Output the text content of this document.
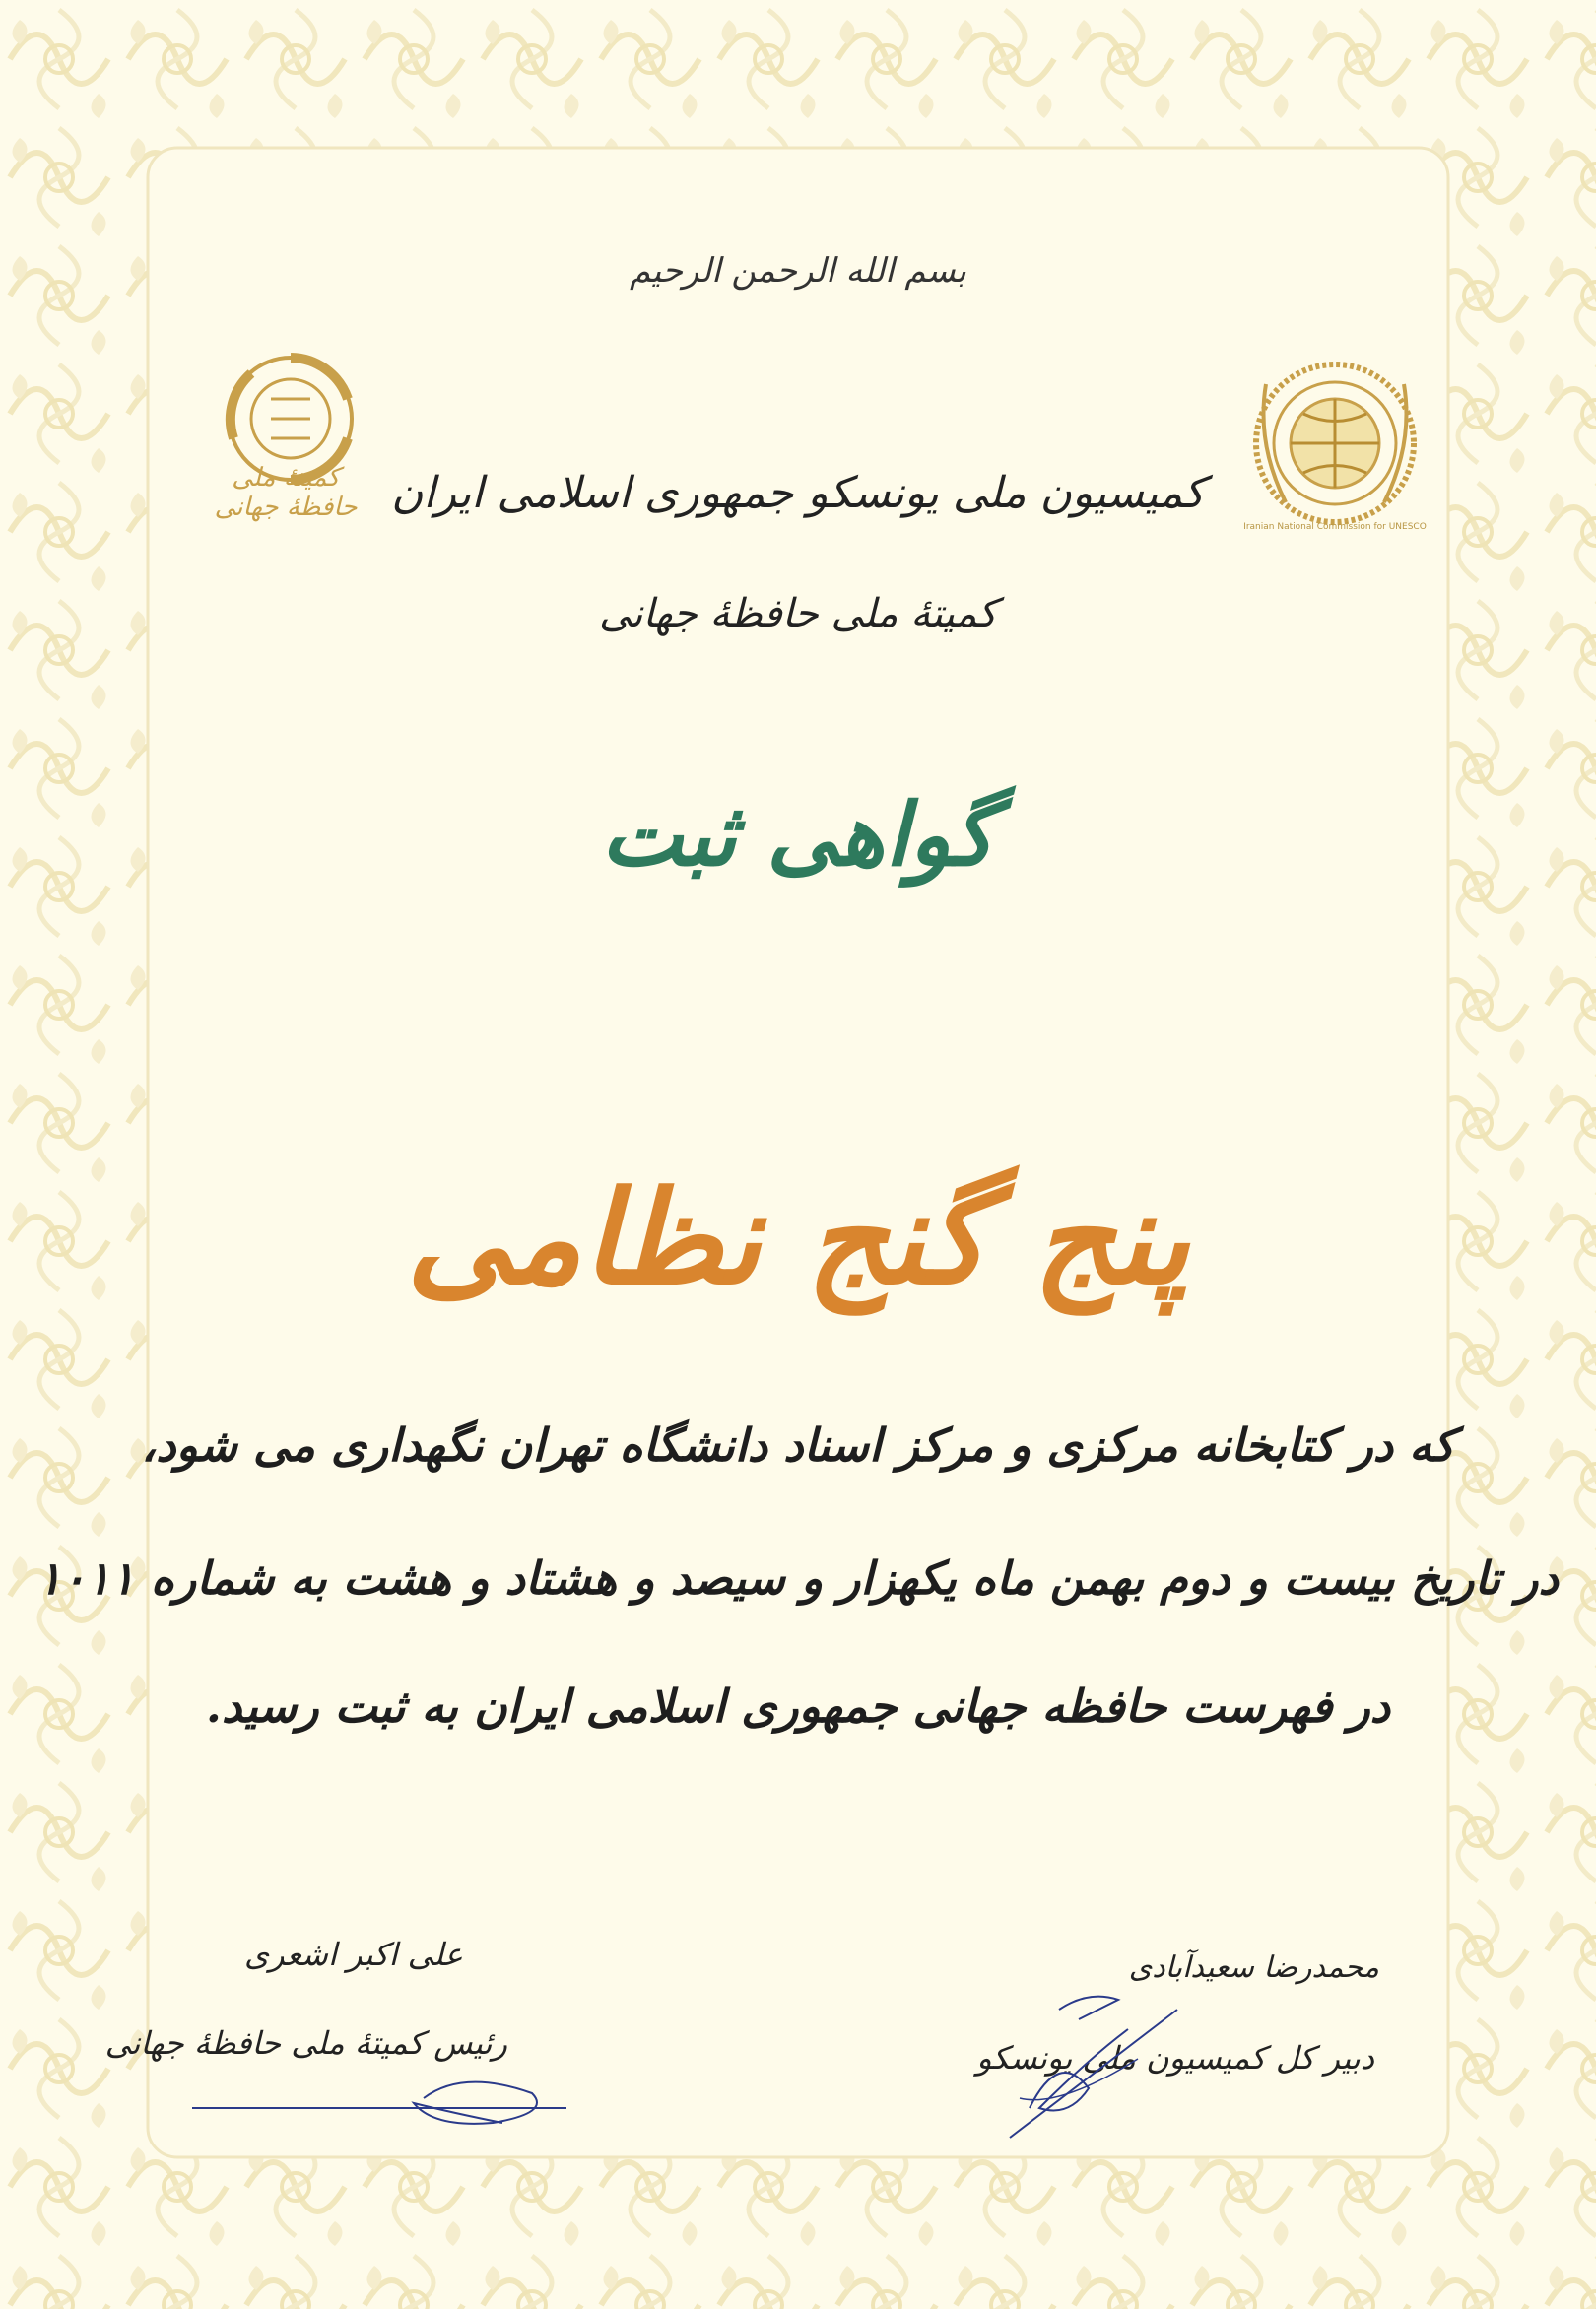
کمیتهٔ ملی حافظهٔ جهانی
Iranian National Commission for UNESCO
بسم الله الرحمن الرحيم
کمیسیون ملی یونسکو جمهوری اسلامی ایران
کمیتهٔ ملی حافظهٔ جهانی
گواهی ثبت
پنج گنج نظامی
که در کتابخانه مرکزی و مرکز اسناد دانشگاه تهران نگهداری می شود،
در تاریخ بیست و دوم بهمن ماه یکهزار و سیصد و هشتاد و هشت به شماره ۱۰۱۱
در فهرست حافظه جهانی جمهوری اسلامی ایران به ثبت رسید.
علی اکبر اشعری
رئیس کمیتهٔ ملی حافظهٔ جهانی
محمدرضا سعیدآبادی
دبیر کل کمیسیون ملی یونسکو
